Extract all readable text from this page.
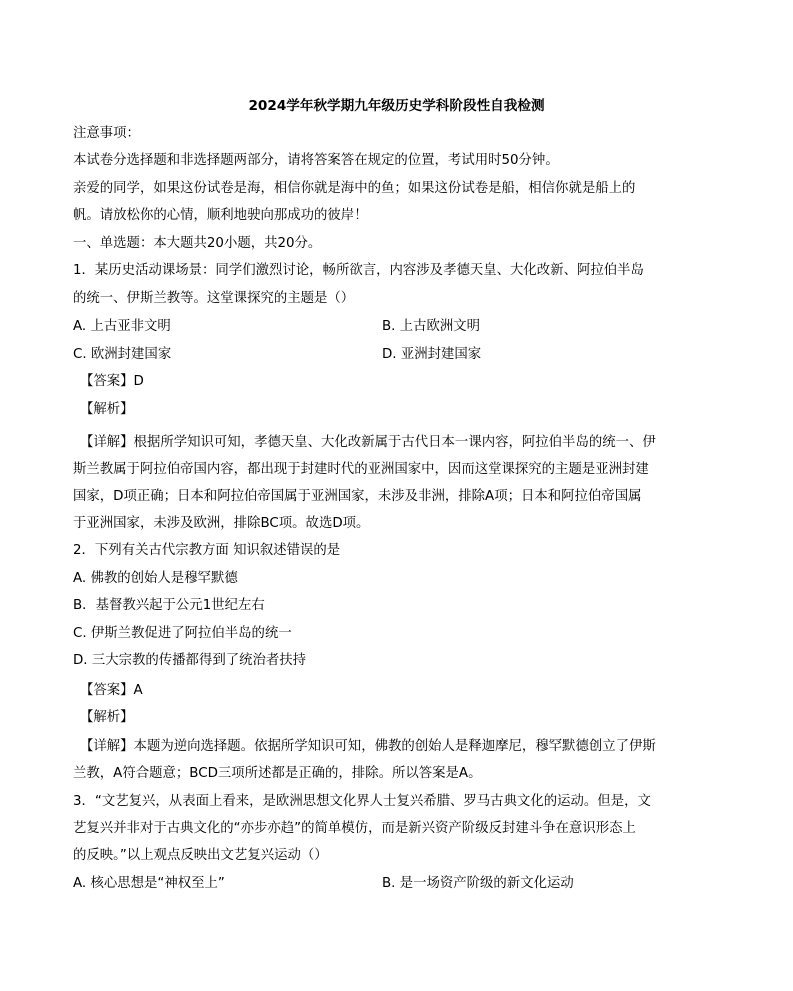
2024学年秋学期九年级历史学科阶段性自我检测
注意事项：
本试卷分选择题和非选择题两部分，请将答案答在规定的位置，考试用时50分钟。
亲爱的同学，如果这份试卷是海，相信你就是海中的鱼；如果这份试卷是船，相信你就是船上的
帆。请放松你的心情，顺利地驶向那成功的彼岸！
一、单选题：本大题共20小题，共20分。
1．某历史活动课场景：同学们激烈讨论，畅所欲言，内容涉及孝德天皇、大化改新、阿拉伯半岛
的统一、伊斯兰教等。这堂课探究的主题是（）
A. 上古亚非文明	B. 上古欧洲文明
C. 欧洲封建国家	D. 亚洲封建国家
【答案】D
【解析】
【详解】根据所学知识可知，孝德天皇、大化改新属于古代日本一课内容，阿拉伯半岛的统一、伊
斯兰教属于阿拉伯帝国内容，都出现于封建时代的亚洲国家中，因而这堂课探究的主题是亚洲封建
国家，D项正确；日本和阿拉伯帝国属于亚洲国家，未涉及非洲，排除A项；日本和阿拉伯帝国属
于亚洲国家，未涉及欧洲，排除BC项。故选D项。
2．下列有关古代宗教方面 知识叙述错误的是
A. 佛教的创始人是穆罕默德
B．基督教兴起于公元1世纪左右
C. 伊斯兰教促进了阿拉伯半岛的统一
D. 三大宗教的传播都得到了统治者扶持
【答案】A
【解析】
【详解】本题为逆向选择题。依据所学知识可知，佛教的创始人是释迦摩尼，穆罕默德创立了伊斯
兰教，A符合题意；BCD三项所述都是正确的，排除。所以答案是A。
3．“文艺复兴，从表面上看来，是欧洲思想文化界人士复兴希腊、罗马古典文化的运动。但是，文
艺复兴并非对于古典文化的“亦步亦趋”的简单模仿，而是新兴资产阶级反封建斗争在意识形态上
的反映。”以上观点反映出文艺复兴运动（）
A. 核心思想是“神权至上”	B. 是一场资产阶级的新文化运动
